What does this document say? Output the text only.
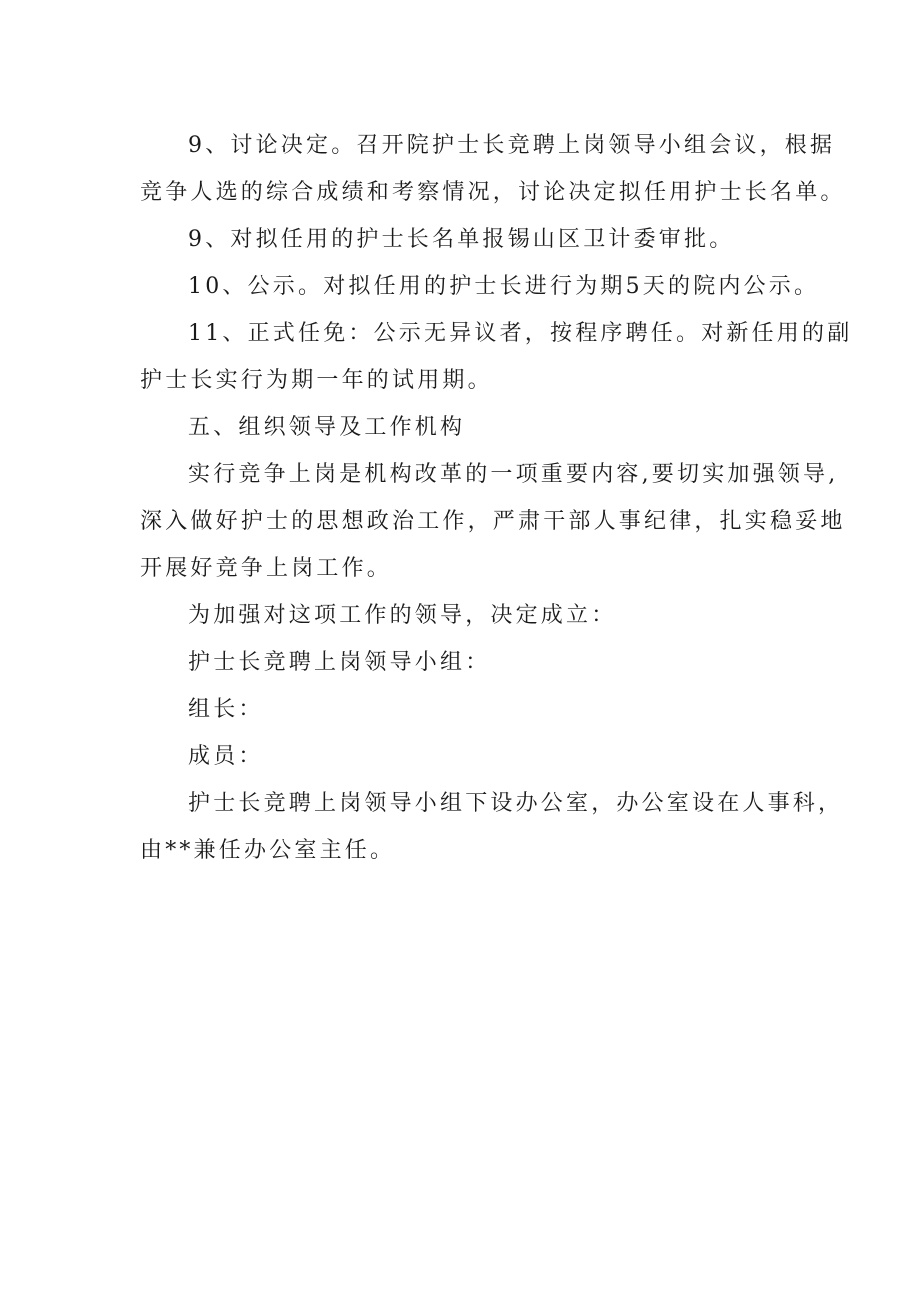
9、讨论决定。召开院护士长竞聘上岗领导小组会议，根据
竞争人选的综合成绩和考察情况，讨论决定拟任用护士长名单。

9、对拟任用的护士长名单报锡山区卫计委审批。

10、公示。对拟任用的护士长进行为期5天的院内公示。

11、正式任免：公示无异议者，按程序聘任。对新任用的副
护士长实行为期一年的试用期。

五、组织领导及工作机构

实行竞争上岗是机构改革的一项重要内容,要切实加强领导,
深入做好护士的思想政治工作，严肃干部人事纪律，扎实稳妥地
开展好竞争上岗工作。

为加强对这项工作的领导，决定成立：

护士长竞聘上岗领导小组：

组长：

成员：

护士长竞聘上岗领导小组下设办公室，办公室设在人事科，
由**兼任办公室主任。
